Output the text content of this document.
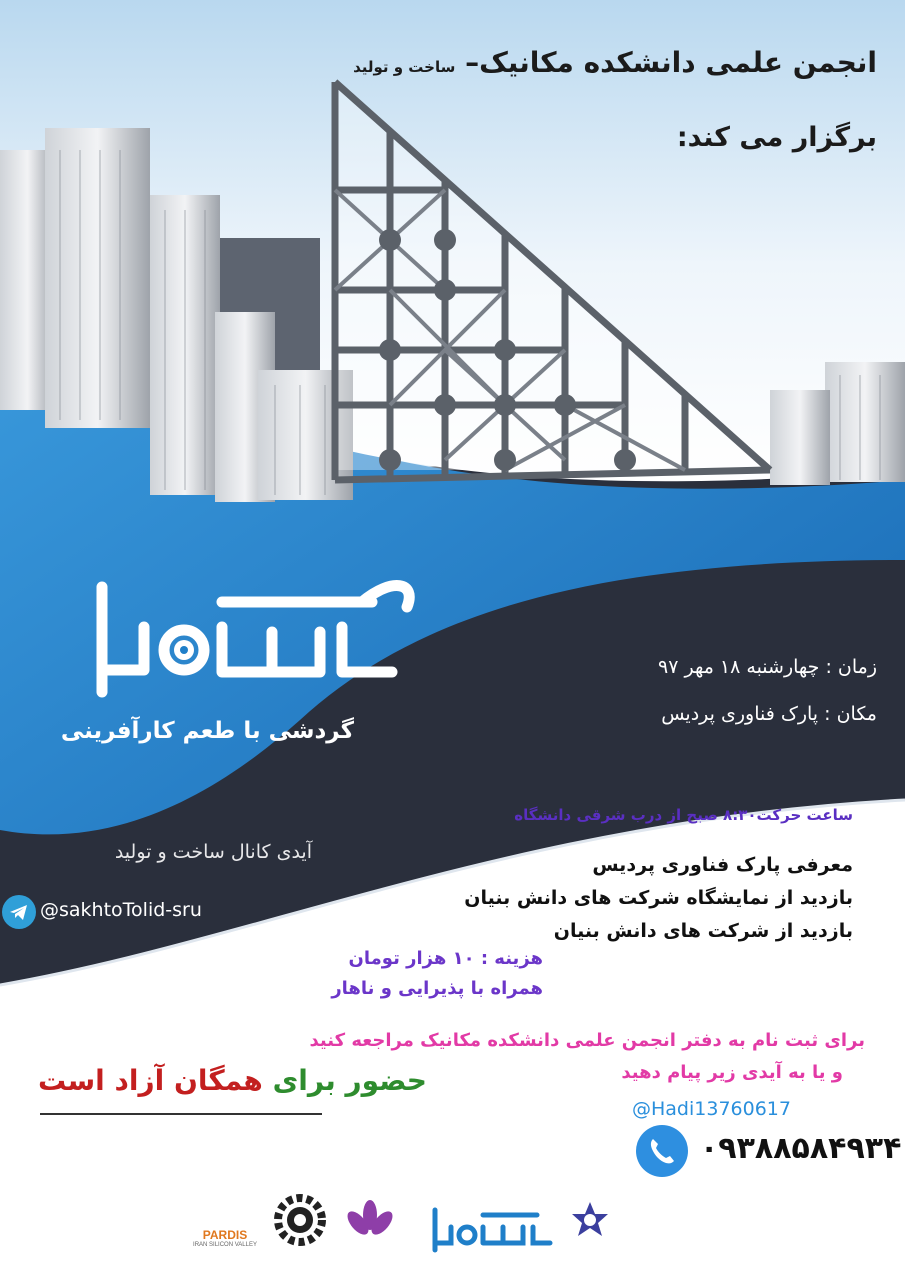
انجمن علمی دانشکده مکانیک– ساخت و تولید
برگزار می کند:
گردشی با طعم کارآفرینی
زمان : چهارشنبه ۱۸ مهر ۹۷
مکان : پارک فناوری پردیس
ساعت حرکت۸:۳۰ صبح از درب شرقی دانشگاه
معرفی پارک فناوری پردیس
بازدید از نمایشگاه شرکت های دانش بنیان
بازدید از شرکت های دانش بنیان
هزینه : ۱۰ هزار تومان
همراه با پذیرایی و ناهار
آیدی کانال ساخت و تولید
@sakhtoTolid-sru
برای ثبت نام به دفتر انجمن علمی دانشکده مکانیک مراجعه کنید
و یا به آیدی زیر پیام دهید
@Hadi13760617
۰۹۳۸۸۵۸۴۹۳۴
حضور برای همگان آزاد است
PARDIS
IRAN SILICON VALLEY
